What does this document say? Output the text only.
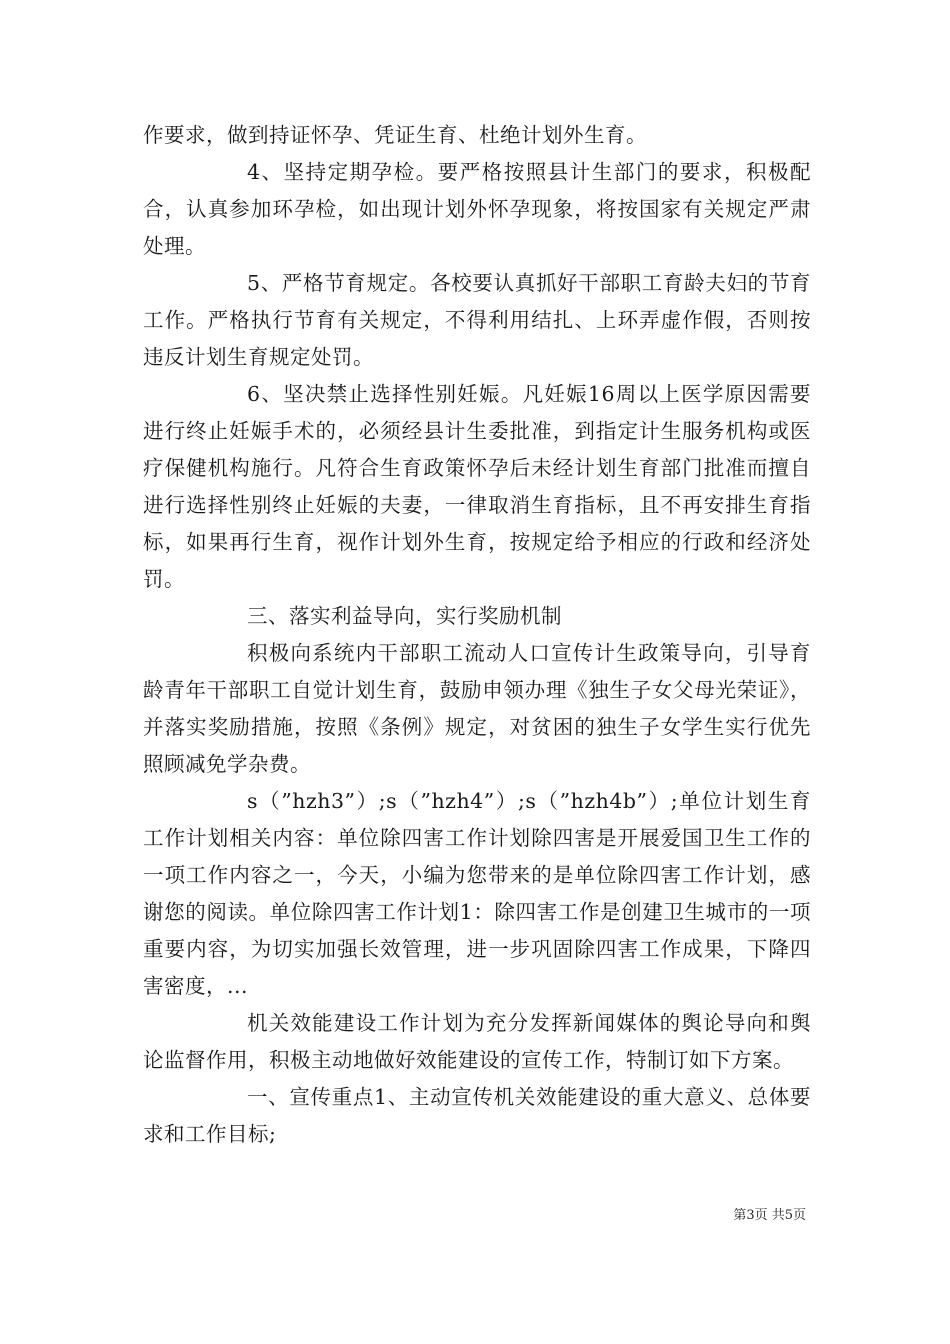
作要求，做到持证怀孕、凭证生育、杜绝计划外生育。

4、坚持定期孕检。要严格按照县计生部门的要求，积极配合，认真参加环孕检，如出现计划外怀孕现象，将按国家有关规定严肃处理。

5、严格节育规定。各校要认真抓好干部职工育龄夫妇的节育工作。严格执行节育有关规定，不得利用结扎、上环弄虚作假，否则按违反计划生育规定处罚。

6、坚决禁止选择性别妊娠。凡妊娠16周以上医学原因需要进行终止妊娠手术的，必须经县计生委批准，到指定计生服务机构或医疗保健机构施行。凡符合生育政策怀孕后未经计划生育部门批准而擅自进行选择性别终止妊娠的夫妻，一律取消生育指标，且不再安排生育指标，如果再行生育，视作计划外生育，按规定给予相应的行政和经济处罚。

三、落实利益导向，实行奖励机制

积极向系统内干部职工流动人口宣传计生政策导向，引导育龄青年干部职工自觉计划生育，鼓励申领办理《独生子女父母光荣证》，并落实奖励措施，按照《条例》规定，对贫困的独生子女学生实行优先照顾减免学杂费。

s（”hzh3”）;s（”hzh4”）;s（”hzh4b”）;单位计划生育工作计划相关内容：单位除四害工作计划除四害是开展爱国卫生工作的一项工作内容之一，今天，小编为您带来的是单位除四害工作计划，感谢您的阅读。单位除四害工作计划1：除四害工作是创建卫生城市的一项重要内容，为切实加强长效管理，进一步巩固除四害工作成果，下降四害密度，...

机关效能建设工作计划为充分发挥新闻媒体的舆论导向和舆论监督作用，积极主动地做好效能建设的宣传工作，特制订如下方案。

一、宣传重点1、主动宣传机关效能建设的重大意义、总体要求和工作目标;

第3页 共5页
